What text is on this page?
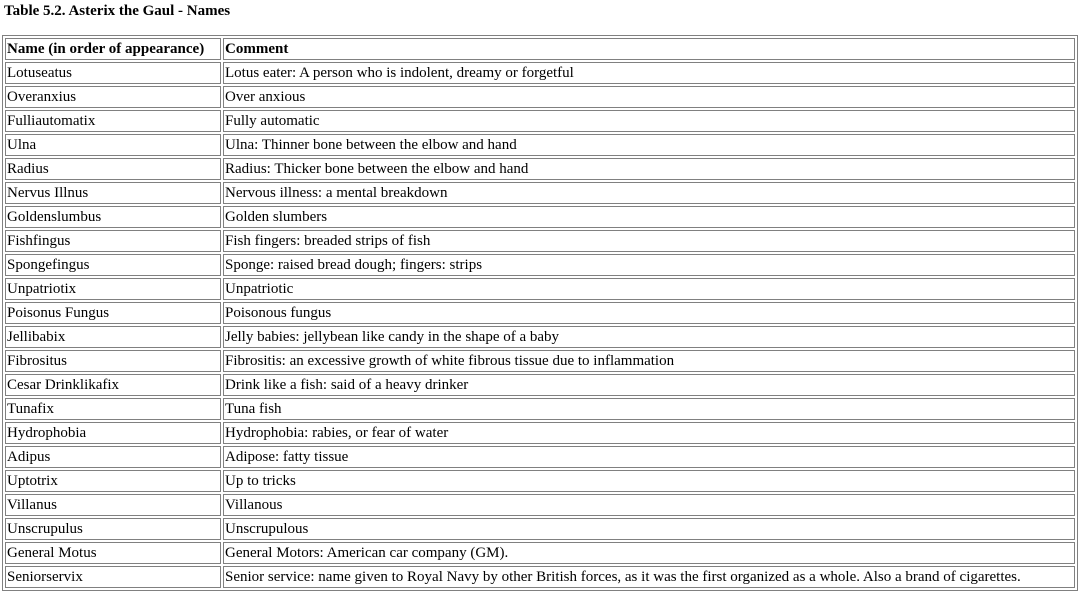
Table 5.2. Asterix the Gaul - Names
Name (in order of appearance)	Comment
Lotuseatus	Lotus eater: A person who is indolent, dreamy or forgetful
Overanxius	Over anxious
Fulliautomatix	Fully automatic
Ulna	Ulna: Thinner bone between the elbow and hand
Radius	Radius: Thicker bone between the elbow and hand
Nervus Illnus	Nervous illness: a mental breakdown
Goldenslumbus	Golden slumbers
Fishfingus	Fish fingers: breaded strips of fish
Spongefingus	Sponge: raised bread dough; fingers: strips
Unpatriotix	Unpatriotic
Poisonus Fungus	Poisonous fungus
Jellibabix	Jelly babies: jellybean like candy in the shape of a baby
Fibrositus	Fibrositis: an excessive growth of white fibrous tissue due to inflammation
Cesar Drinklikafix	Drink like a fish: said of a heavy drinker
Tunafix	Tuna fish
Hydrophobia	Hydrophobia: rabies, or fear of water
Adipus	Adipose: fatty tissue
Uptotrix	Up to tricks
Villanus	Villanous
Unscrupulus	Unscrupulous
General Motus	General Motors: American car company (GM).
Seniorservix	Senior service: name given to Royal Navy by other British forces, as it was the first organized as a whole. Also a brand of cigarettes.
